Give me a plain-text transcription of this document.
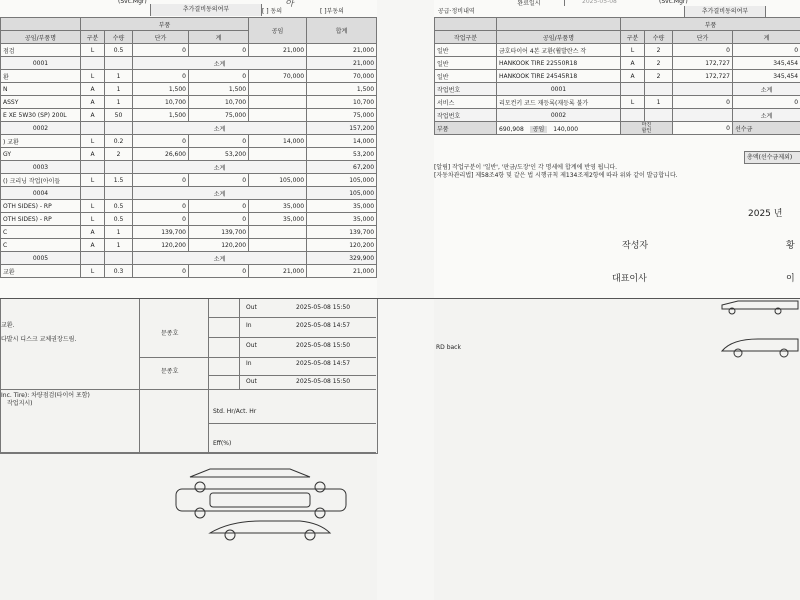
(Svc.Mgr)	아
추가결비동의여부	[ ] 동의	[ ]부동의
	부품				공임	합계
공임/부품명	구분	수량	단가	계		
점검	L	0.5	0	0	21,000	21,000
0001			소계			21,000
환	L	1	0	0	70,000	70,000
N	A	1	1,500	1,500		1,500
ASSY	A	1	10,700	10,700		10,700
E XE 5W30 (SP) 200L	A	50	1,500	75,000		75,000
0002			소계			157,200
) 교환	L	0.2	0	0	14,000	14,000
GY	A	2	26,600	53,200		53,200
0003			소계			67,200
() 크리닝 작업(아이들	L	1.5	0	0	105,000	105,000
0004			소계			105,000
OTH SIDES) - RP	L	0.5	0	0	35,000	35,000
OTH SIDES) - RP	L	0.5	0	0	35,000	35,000
C	A	1	139,700	139,700		139,700
C	A	1	120,200	120,200		120,200
0005			소계			329,900
교환	L	0.3	0	0	21,000	21,000
교환.
다발시 디스크 교체권장드림.
Inc. Tire): 차량점검(타이어 포함)
작업지시)
문종호
문종호
Out	2025-05-08 15:50
In	2025-05-08 14:57
Out	2025-05-08 15:50
In	2025-05-08 14:57
Out	2025-05-08 15:50
Std. Hr/Act. Hr
Eff(%)
완료일시	2025-05-08	(Svc.Mgr)
공급·정비내역	추가결비동의여부
		부품			
작업구분	공임/부품명	구분	수량	단가	계
일반	금호타이어 4본 교환(휠발란스 작	L	2	0	0
일반	HANKOOK TIRE 22550R18	A	2	172,727	345,454
일반	HANKOOK TIRE 24545R18	A	2	172,727	345,454
작업번호	0001				소계
서비스	리모컨키 코드 재등록(재등록 불가	L	1	0	0
작업번호	0002				소계
부품	690,908 공임 140,000	마진
할인		0	선수금
총액(선수금제외)
[알림] 작업구분이 '일반', '판금/도장'인 각 명세에 합계에 반영 됩니다.
[자동차관리법] 제58조4항 및 같은 법 시행규칙 제134조제2항에 따라 위와 같이 발급합니다.
2025 년
작성자	황
대표이사	이
RD back
